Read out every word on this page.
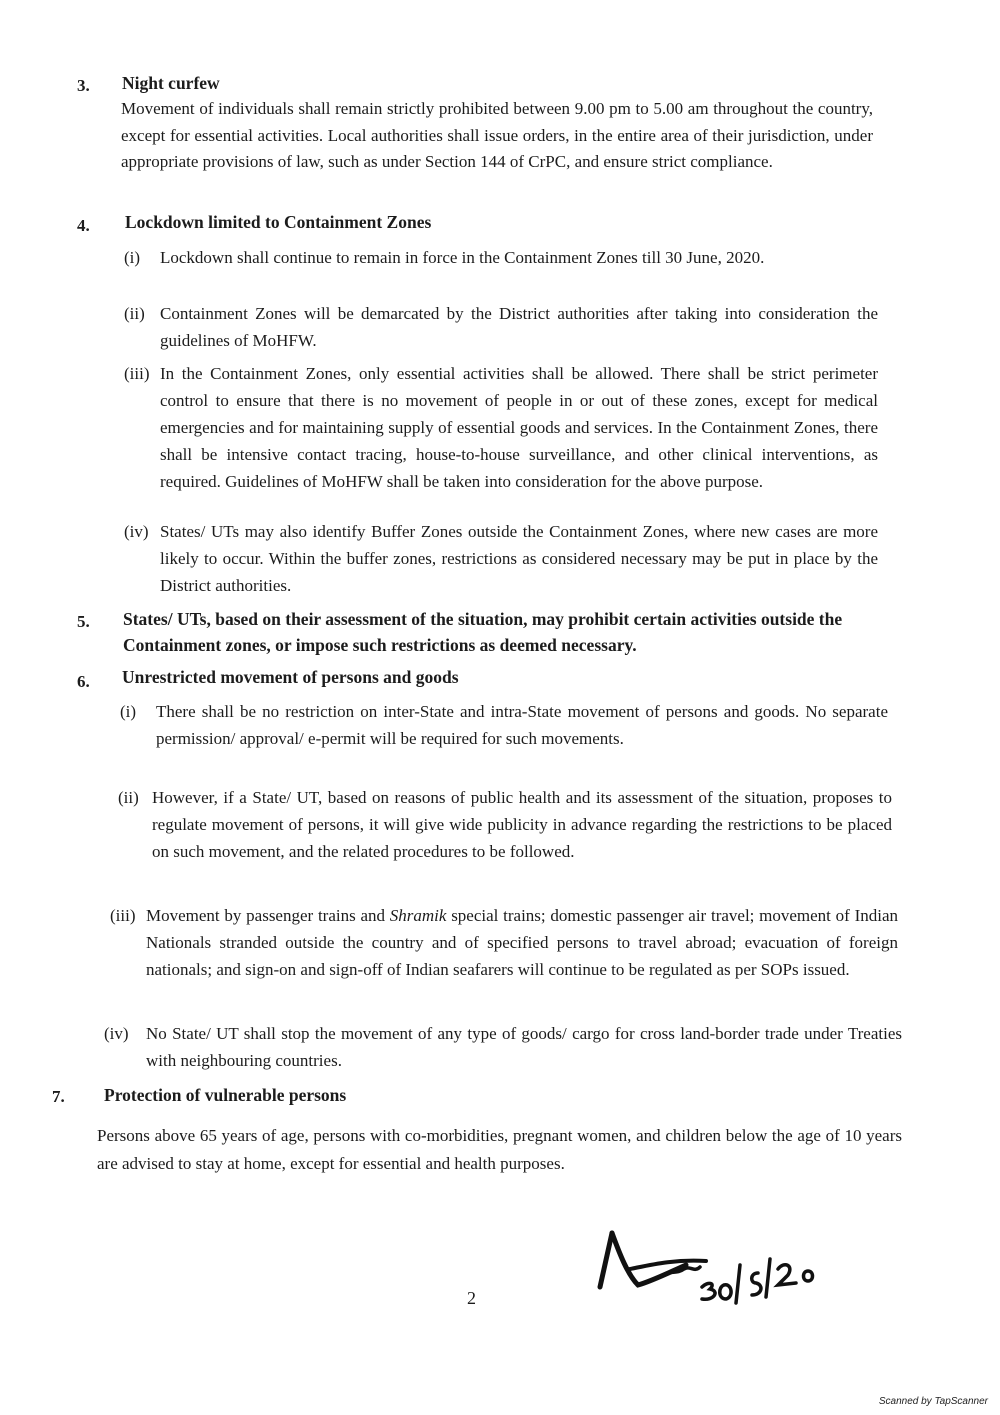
3. Night curfew
Movement of individuals shall remain strictly prohibited between 9.00 pm to 5.00 am throughout the country, except for essential activities. Local authorities shall issue orders, in the entire area of their jurisdiction, under appropriate provisions of law, such as under Section 144 of CrPC, and ensure strict compliance.
4. Lockdown limited to Containment Zones
(i) Lockdown shall continue to remain in force in the Containment Zones till 30 June, 2020.
(ii) Containment Zones will be demarcated by the District authorities after taking into consideration the guidelines of MoHFW.
(iii) In the Containment Zones, only essential activities shall be allowed. There shall be strict perimeter control to ensure that there is no movement of people in or out of these zones, except for medical emergencies and for maintaining supply of essential goods and services. In the Containment Zones, there shall be intensive contact tracing, house-to-house surveillance, and other clinical interventions, as required. Guidelines of MoHFW shall be taken into consideration for the above purpose.
(iv) States/ UTs may also identify Buffer Zones outside the Containment Zones, where new cases are more likely to occur. Within the buffer zones, restrictions as considered necessary may be put in place by the District authorities.
5. States/ UTs, based on their assessment of the situation, may prohibit certain activities outside the Containment zones, or impose such restrictions as deemed necessary.
6. Unrestricted movement of persons and goods
(i) There shall be no restriction on inter-State and intra-State movement of persons and goods. No separate permission/ approval/ e-permit will be required for such movements.
(ii) However, if a State/ UT, based on reasons of public health and its assessment of the situation, proposes to regulate movement of persons, it will give wide publicity in advance regarding the restrictions to be placed on such movement, and the related procedures to be followed.
(iii) Movement by passenger trains and Shramik special trains; domestic passenger air travel; movement of Indian Nationals stranded outside the country and of specified persons to travel abroad; evacuation of foreign nationals; and sign-on and sign-off of Indian seafarers will continue to be regulated as per SOPs issued.
(iv) No State/ UT shall stop the movement of any type of goods/ cargo for cross land-border trade under Treaties with neighbouring countries.
7. Protection of vulnerable persons
Persons above 65 years of age, persons with co-morbidities, pregnant women, and children below the age of 10 years are advised to stay at home, except for essential and health purposes.
2
Scanned by TapScanner
